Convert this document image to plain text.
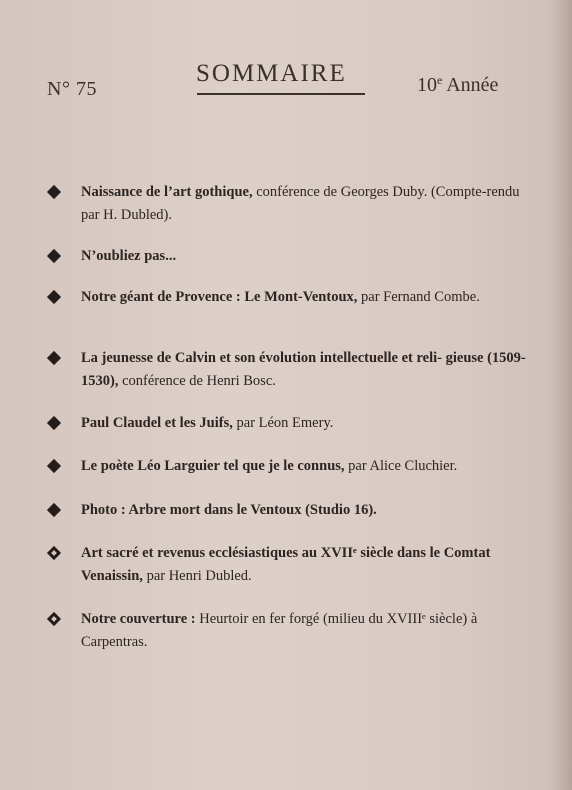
N° 75
SOMMAIRE	10e Année
Naissance de l’art gothique, conférence de Georges Duby. (Compte-rendu par H. Dubled).
N’oubliez pas...
Notre géant de Provence : Le Mont-Ventoux, par Fernand Combe.
La jeunesse de Calvin et son évolution intellectuelle et reli- gieuse (1509-1530), conférence de Henri Bosc.
Paul Claudel et les Juifs, par Léon Emery.
Le poète Léo Larguier tel que je le connus, par Alice Cluchier.
Photo : Arbre mort dans le Ventoux (Studio 16).
Art sacré et revenus ecclésiastiques au XVIIᵉ siècle dans le Comtat Venaissin, par Henri Dubled.
Notre couverture : Heurtoir en fer forgé (milieu du XVIIIᵉ siècle) à Carpentras.
